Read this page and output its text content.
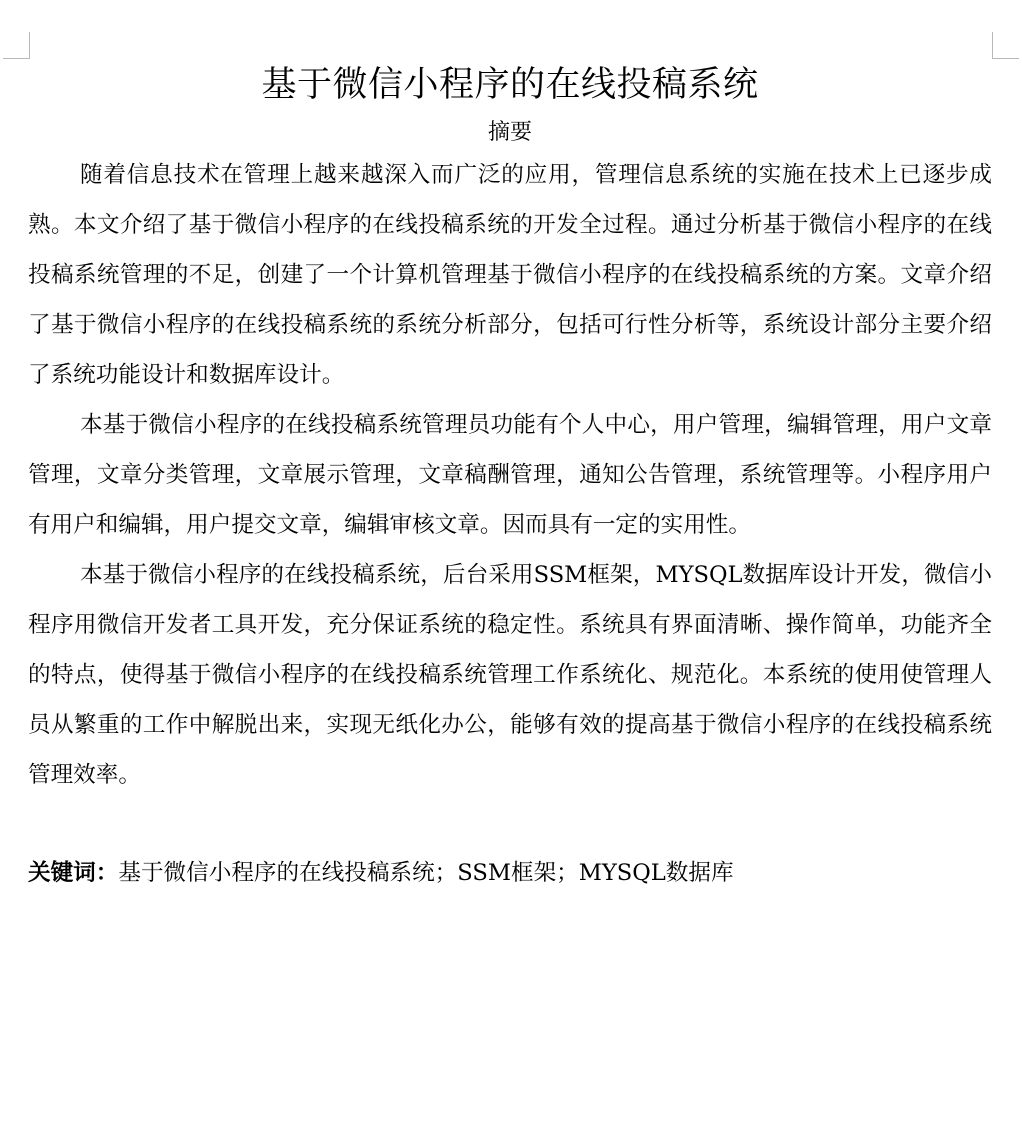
基于微信小程序的在线投稿系统
摘要

随着信息技术在管理上越来越深入而广泛的应用，管理信息系统的实施在技术上已逐步成熟。本文介绍了基于微信小程序的在线投稿系统的开发全过程。通过分析基于微信小程序的在线投稿系统管理的不足，创建了一个计算机管理基于微信小程序的在线投稿系统的方案。文章介绍了基于微信小程序的在线投稿系统的系统分析部分，包括可行性分析等，系统设计部分主要介绍了系统功能设计和数据库设计。

本基于微信小程序的在线投稿系统管理员功能有个人中心，用户管理，编辑管理，用户文章管理，文章分类管理，文章展示管理，文章稿酬管理，通知公告管理，系统管理等。小程序用户有用户和编辑，用户提交文章，编辑审核文章。因而具有一定的实用性。

本基于微信小程序的在线投稿系统，后台采用SSM框架，MYSQL数据库设计开发，微信小程序用微信开发者工具开发，充分保证系统的稳定性。系统具有界面清晰、操作简单，功能齐全的特点，使得基于微信小程序的在线投稿系统管理工作系统化、规范化。本系统的使用使管理人员从繁重的工作中解脱出来，实现无纸化办公，能够有效的提高基于微信小程序的在线投稿系统管理效率。

关键词：基于微信小程序的在线投稿系统；SSM框架；MYSQL数据库
